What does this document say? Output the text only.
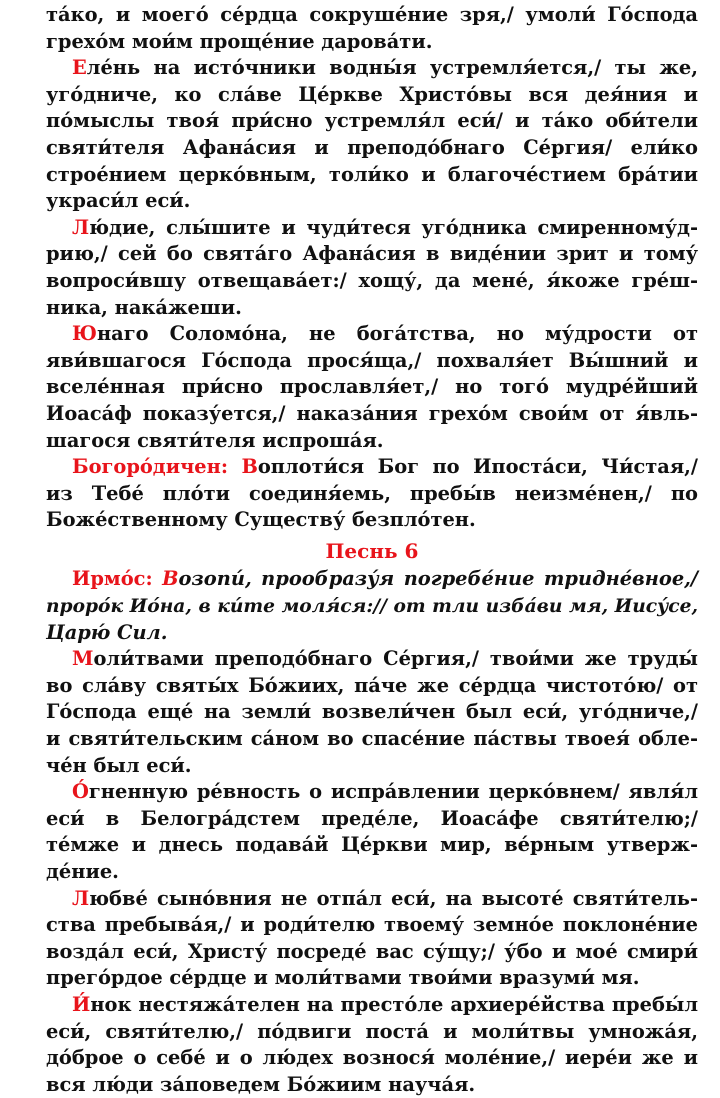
та́ко, и моего́ се́рдца сокруше́ние зря,/ умоли́ Го́спода
грехо́м мои́м проще́ние дарова́ти.

Еле́нь на исто́чники водны́я устремля́ется,/ ты же,
уго́дниче, ко сла́ве Це́ркве Христо́вы вся дея́ния и
по́мыслы твоя́ при́сно устремля́л еси́/ и та́ко оби́тели
святи́теля Афана́сия и преподо́бнаго Се́ргия/ ели́ко
строе́нием церко́вным, толи́ко и благоче́стием бра́тии
украси́л еси́.

Лю́дие, слы́шите и чуди́теся уго́дника смиренному́д-
рию,/ сей бо свята́го Афана́сия в виде́нии зрит и тому́
вопроси́вшу отвещава́ет:/ хощу́, да мене́, я́коже гре́ш-
ника, нака́жеши.

Юнаго Соломо́на, не бога́тства, но му́дрости от
яви́вшагося Го́спода прося́ща,/ похваля́ет Вы́шний и
вселе́нная при́сно прославля́ет,/ но того́ мудре́йший
Иоаса́ф показу́ется,/ наказа́ния грехо́м свои́м от я́вль-
шагося святи́теля испроша́я.

Богоро́дичен: Воплоти́ся Бог по Ипоста́си, Чи́стая,/
из Тебе́ пло́ти соединя́емь, пребы́в неизме́нен,/ по
Боже́ственному Существу́ безпло́тен.

Песнь 6

Ирмо́с: Возопи́, прообразу́я погребе́ние тридне́вное,/
проро́к Ио́на, в ки́те моля́ся:// от тли изба́ви мя, Иису́се,
Царю́ Сил.

Моли́твами преподо́бнаго Се́ргия,/ твои́ми же труды́
во сла́ву святы́х Бо́жиих, па́че же се́рдца чистото́ю/ от
Го́спода еще́ на земли́ возвели́чен был еси́, уго́дниче,/
и святи́тельским са́ном во спасе́ние па́ствы твоея́ обле-
че́н был еси́.

О́гненную ре́вность о испра́влении церко́внем/ явля́л
еси́ в Белогра́дстем преде́ле, Иоаса́фе святи́телю;/
те́мже и днесь подава́й Це́ркви мир, ве́рным утверж-
де́ние.

Любве́ сыно́вния не отпа́л еси́, на высоте́ святи́тель-
ства пребыва́я,/ и роди́телю твоему́ земно́е поклоне́ние
возда́л еси́, Христу́ посреде́ вас су́щу;/ у́бо и мое́ смири́
прего́рдое се́рдце и моли́твами твои́ми вразуми́ мя.

И́нок нестяжа́телен на престо́ле архиере́йства пребы́л
еси́, святи́телю,/ по́двиги поста́ и моли́твы умножа́я,
до́брое о себе́ и о лю́дех вознося́ моле́ние,/ иере́и же и
вся лю́ди за́поведем Бо́жиим науча́я.
